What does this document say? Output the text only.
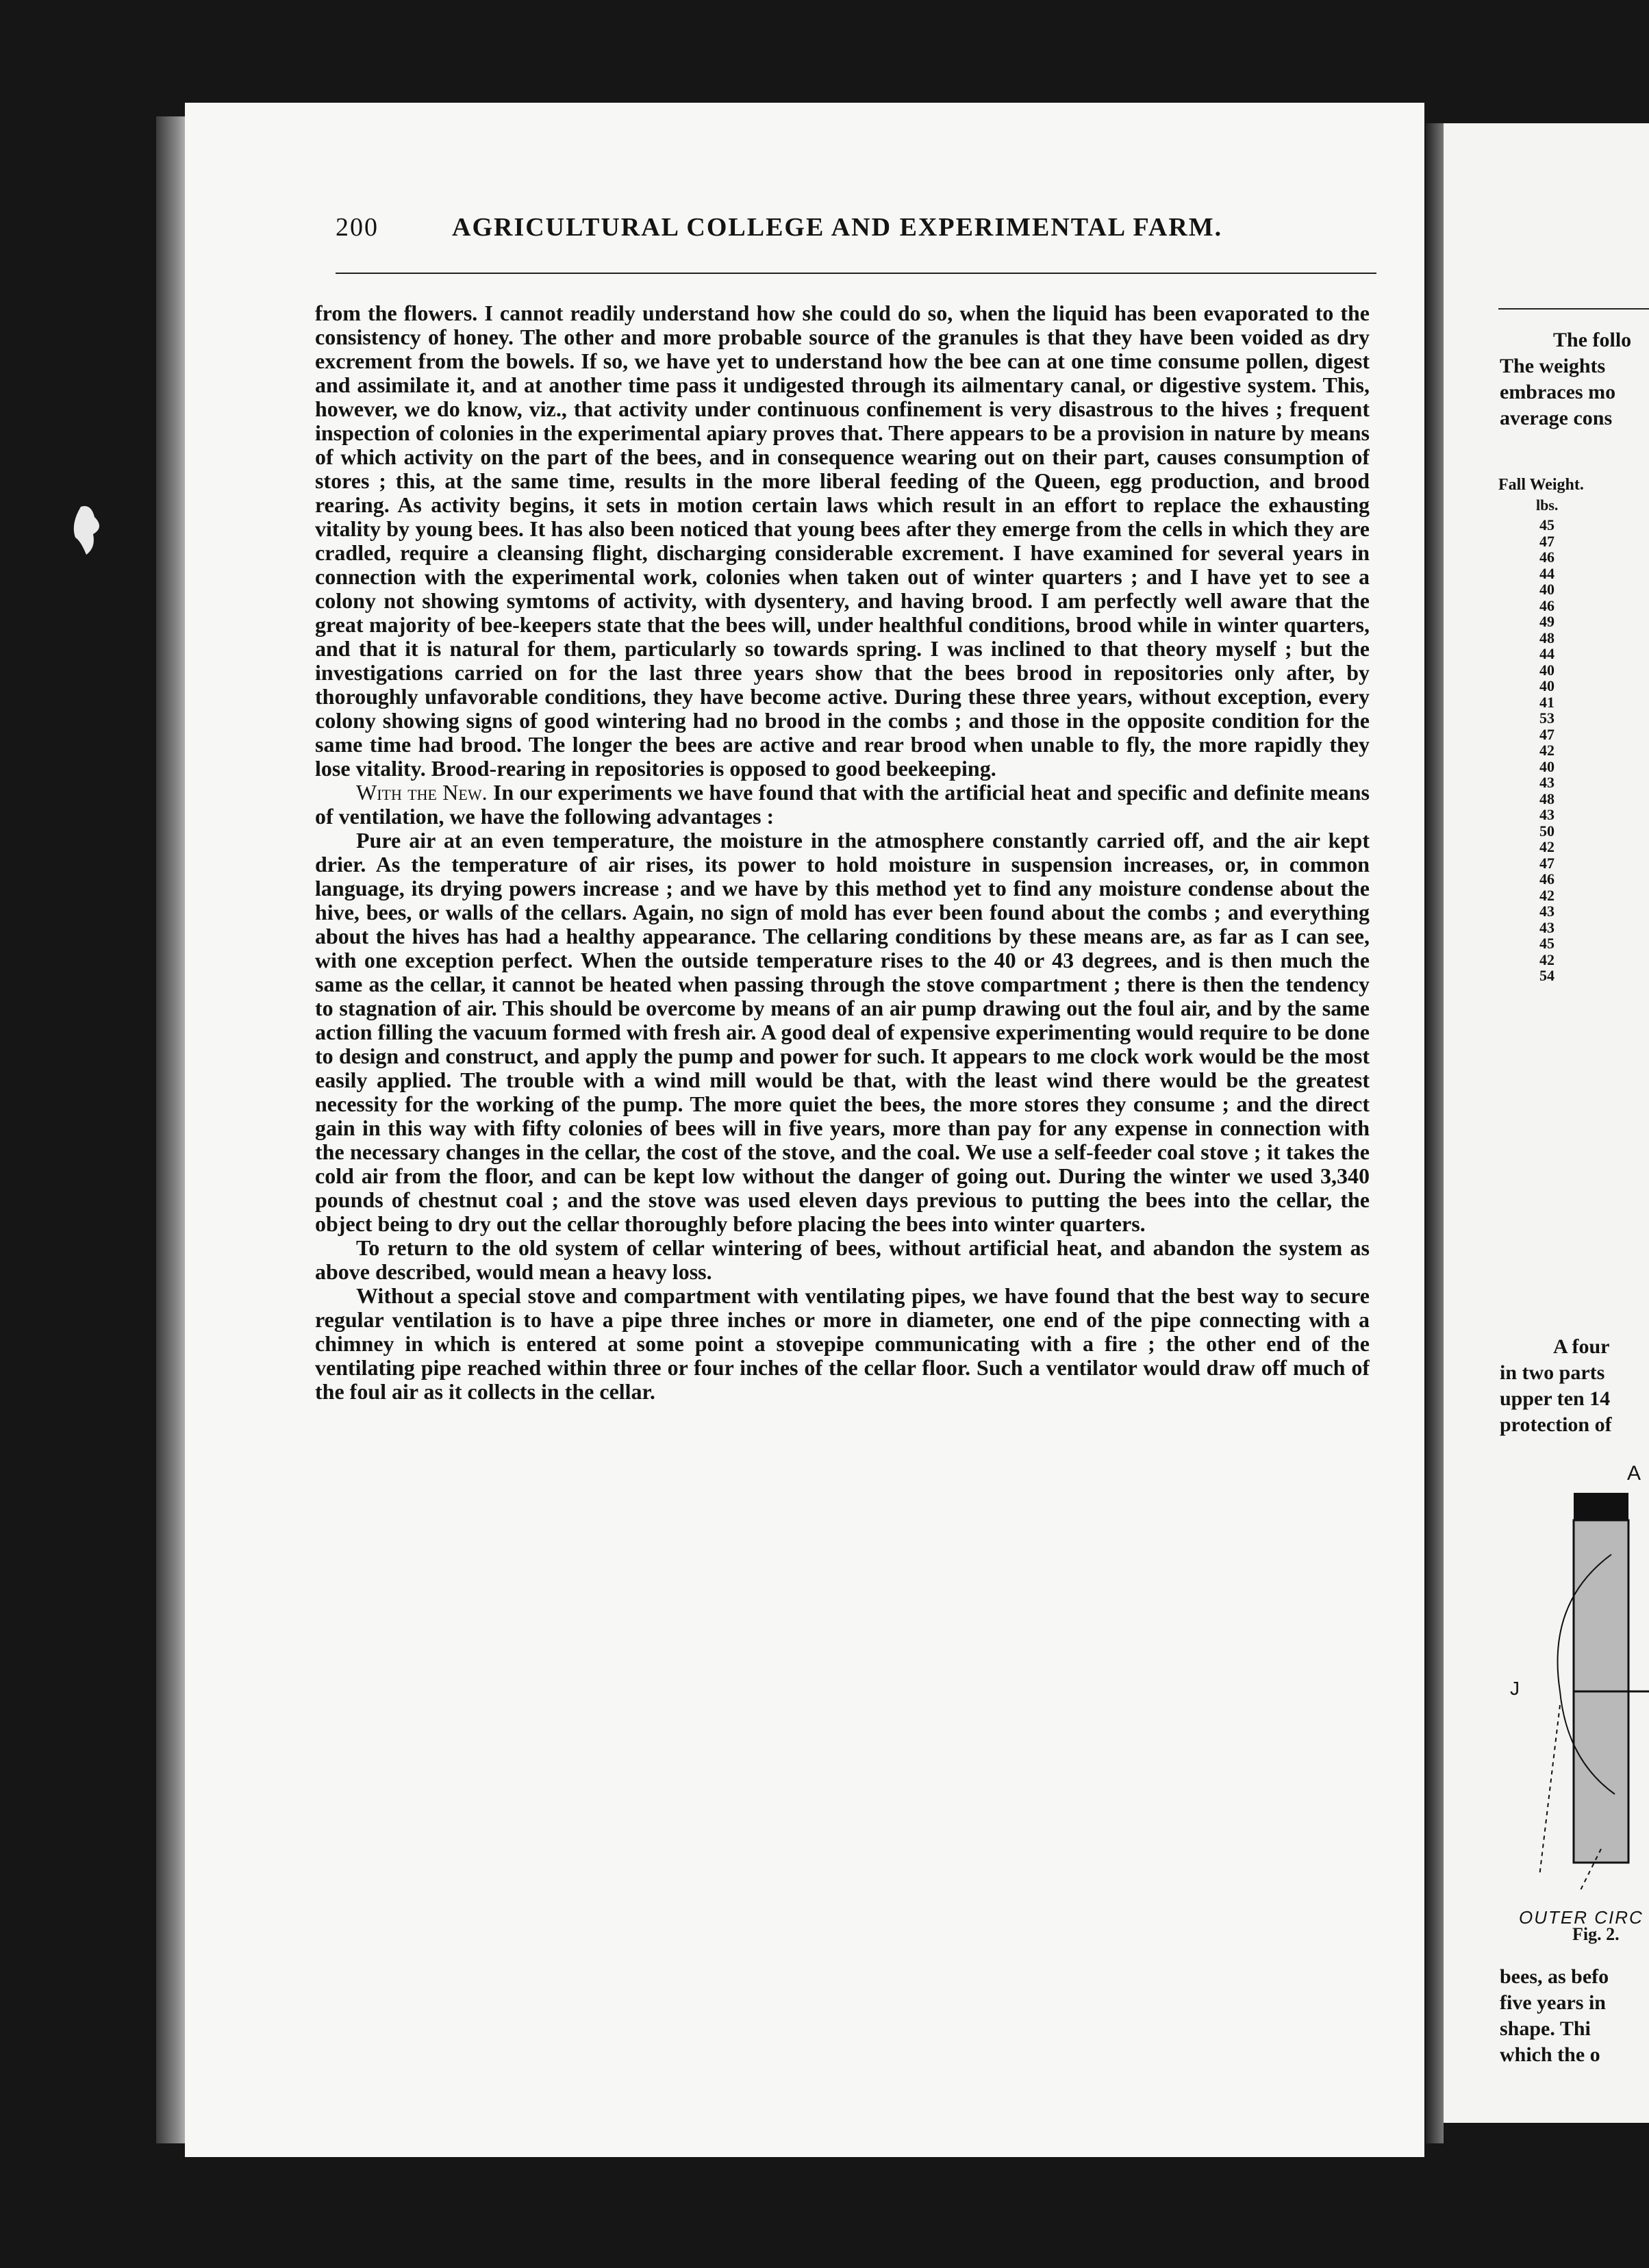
200	AGRICULTURAL COLLEGE AND EXPERIMENTAL FARM.

from the flowers. I cannot readily understand how she could do so, when the liquid has been evaporated to the consistency of honey. The other and more probable source of the granules is that they have been voided as dry excrement from the bowels. If so, we have yet to understand how the bee can at one time consume pollen, digest and assimilate it, and at another time pass it undigested through its ailmentary canal, or digestive system. This, however, we do know, viz., that activity under continuous confinement is very disastrous to the hives ; frequent inspection of colonies in the experimental apiary proves that. There appears to be a provision in nature by means of which activity on the part of the bees, and in consequence wearing out on their part, causes consumption of stores ; this, at the same time, results in the more liberal feeding of the Queen, egg production, and brood rearing. As activity begins, it sets in motion certain laws which result in an effort to replace the exhausting vitality by young bees. It has also been noticed that young bees after they emerge from the cells in which they are cradled, require a cleansing flight, discharging considerable excrement. I have examined for several years in connection with the experimental work, colonies when taken out of winter quarters ; and I have yet to see a colony not showing symtoms of activity, with dysentery, and having brood. I am perfectly well aware that the great majority of bee-keepers state that the bees will, under healthful conditions, brood while in winter quarters, and that it is natural for them, particularly so towards spring. I was inclined to that theory myself ; but the investigations carried on for the last three years show that the bees brood in repositories only after, by thoroughly unfavorable conditions, they have become active. During these three years, without exception, every colony showing signs of good wintering had no brood in the combs ; and those in the opposite condition for the same time had brood. The longer the bees are active and rear brood when unable to fly, the more rapidly they lose vitality. Brood-rearing in repositories is opposed to good beekeeping.

With the New. In our experiments we have found that with the artificial heat and specific and definite means of ventilation, we have the following advantages :

Pure air at an even temperature, the moisture in the atmosphere constantly carried off, and the air kept drier. As the temperature of air rises, its power to hold moisture in suspension increases, or, in common language, its drying powers increase ; and we have by this method yet to find any moisture condense about the hive, bees, or walls of the cellars. Again, no sign of mold has ever been found about the combs ; and everything about the hives has had a healthy appearance. The cellaring conditions by these means are, as far as I can see, with one exception perfect. When the outside temperature rises to the 40 or 43 degrees, and is then much the same as the cellar, it cannot be heated when passing through the stove compartment ; there is then the tendency to stagnation of air. This should be overcome by means of an air pump drawing out the foul air, and by the same action filling the vacuum formed with fresh air. A good deal of expensive experimenting would require to be done to design and construct, and apply the pump and power for such. It appears to me clock work would be the most easily applied. The trouble with a wind mill would be that, with the least wind there would be the greatest necessity for the working of the pump. The more quiet the bees, the more stores they consume ; and the direct gain in this way with fifty colonies of bees will in five years, more than pay for any expense in connection with the necessary changes in the cellar, the cost of the stove, and the coal. We use a self-feeder coal stove ; it takes the cold air from the floor, and can be kept low without the danger of going out. During the winter we used 3,340 pounds of chestnut coal ; and the stove was used eleven days previous to putting the bees into the cellar, the object being to dry out the cellar thoroughly before placing the bees into winter quarters.

To return to the old system of cellar wintering of bees, without artificial heat, and abandon the system as above described, would mean a heavy loss.

Without a special stove and compartment with ventilating pipes, we have found that the best way to secure regular ventilation is to have a pipe three inches or more in diameter, one end of the pipe connecting with a chimney in which is entered at some point a stovepipe communicating with a fire ; the other end of the ventilating pipe reached within three or four inches of the cellar floor. Such a ventilator would draw off much of the foul air as it collects in the cellar.

The follo
The weights
embraces mo
average cons
Fall Weight.
lbs.
45
47
46
44
40
46
49
48
44
40
40
41
53
47
42
40
43
48
43
50
42
47
46
42
43
43
45
42
54
A four
in two parts
upper ten 14
protection of
A
J
OUTER CIRC
Fig. 2.
bees, as befo
five years in
shape. Thi
which the o
